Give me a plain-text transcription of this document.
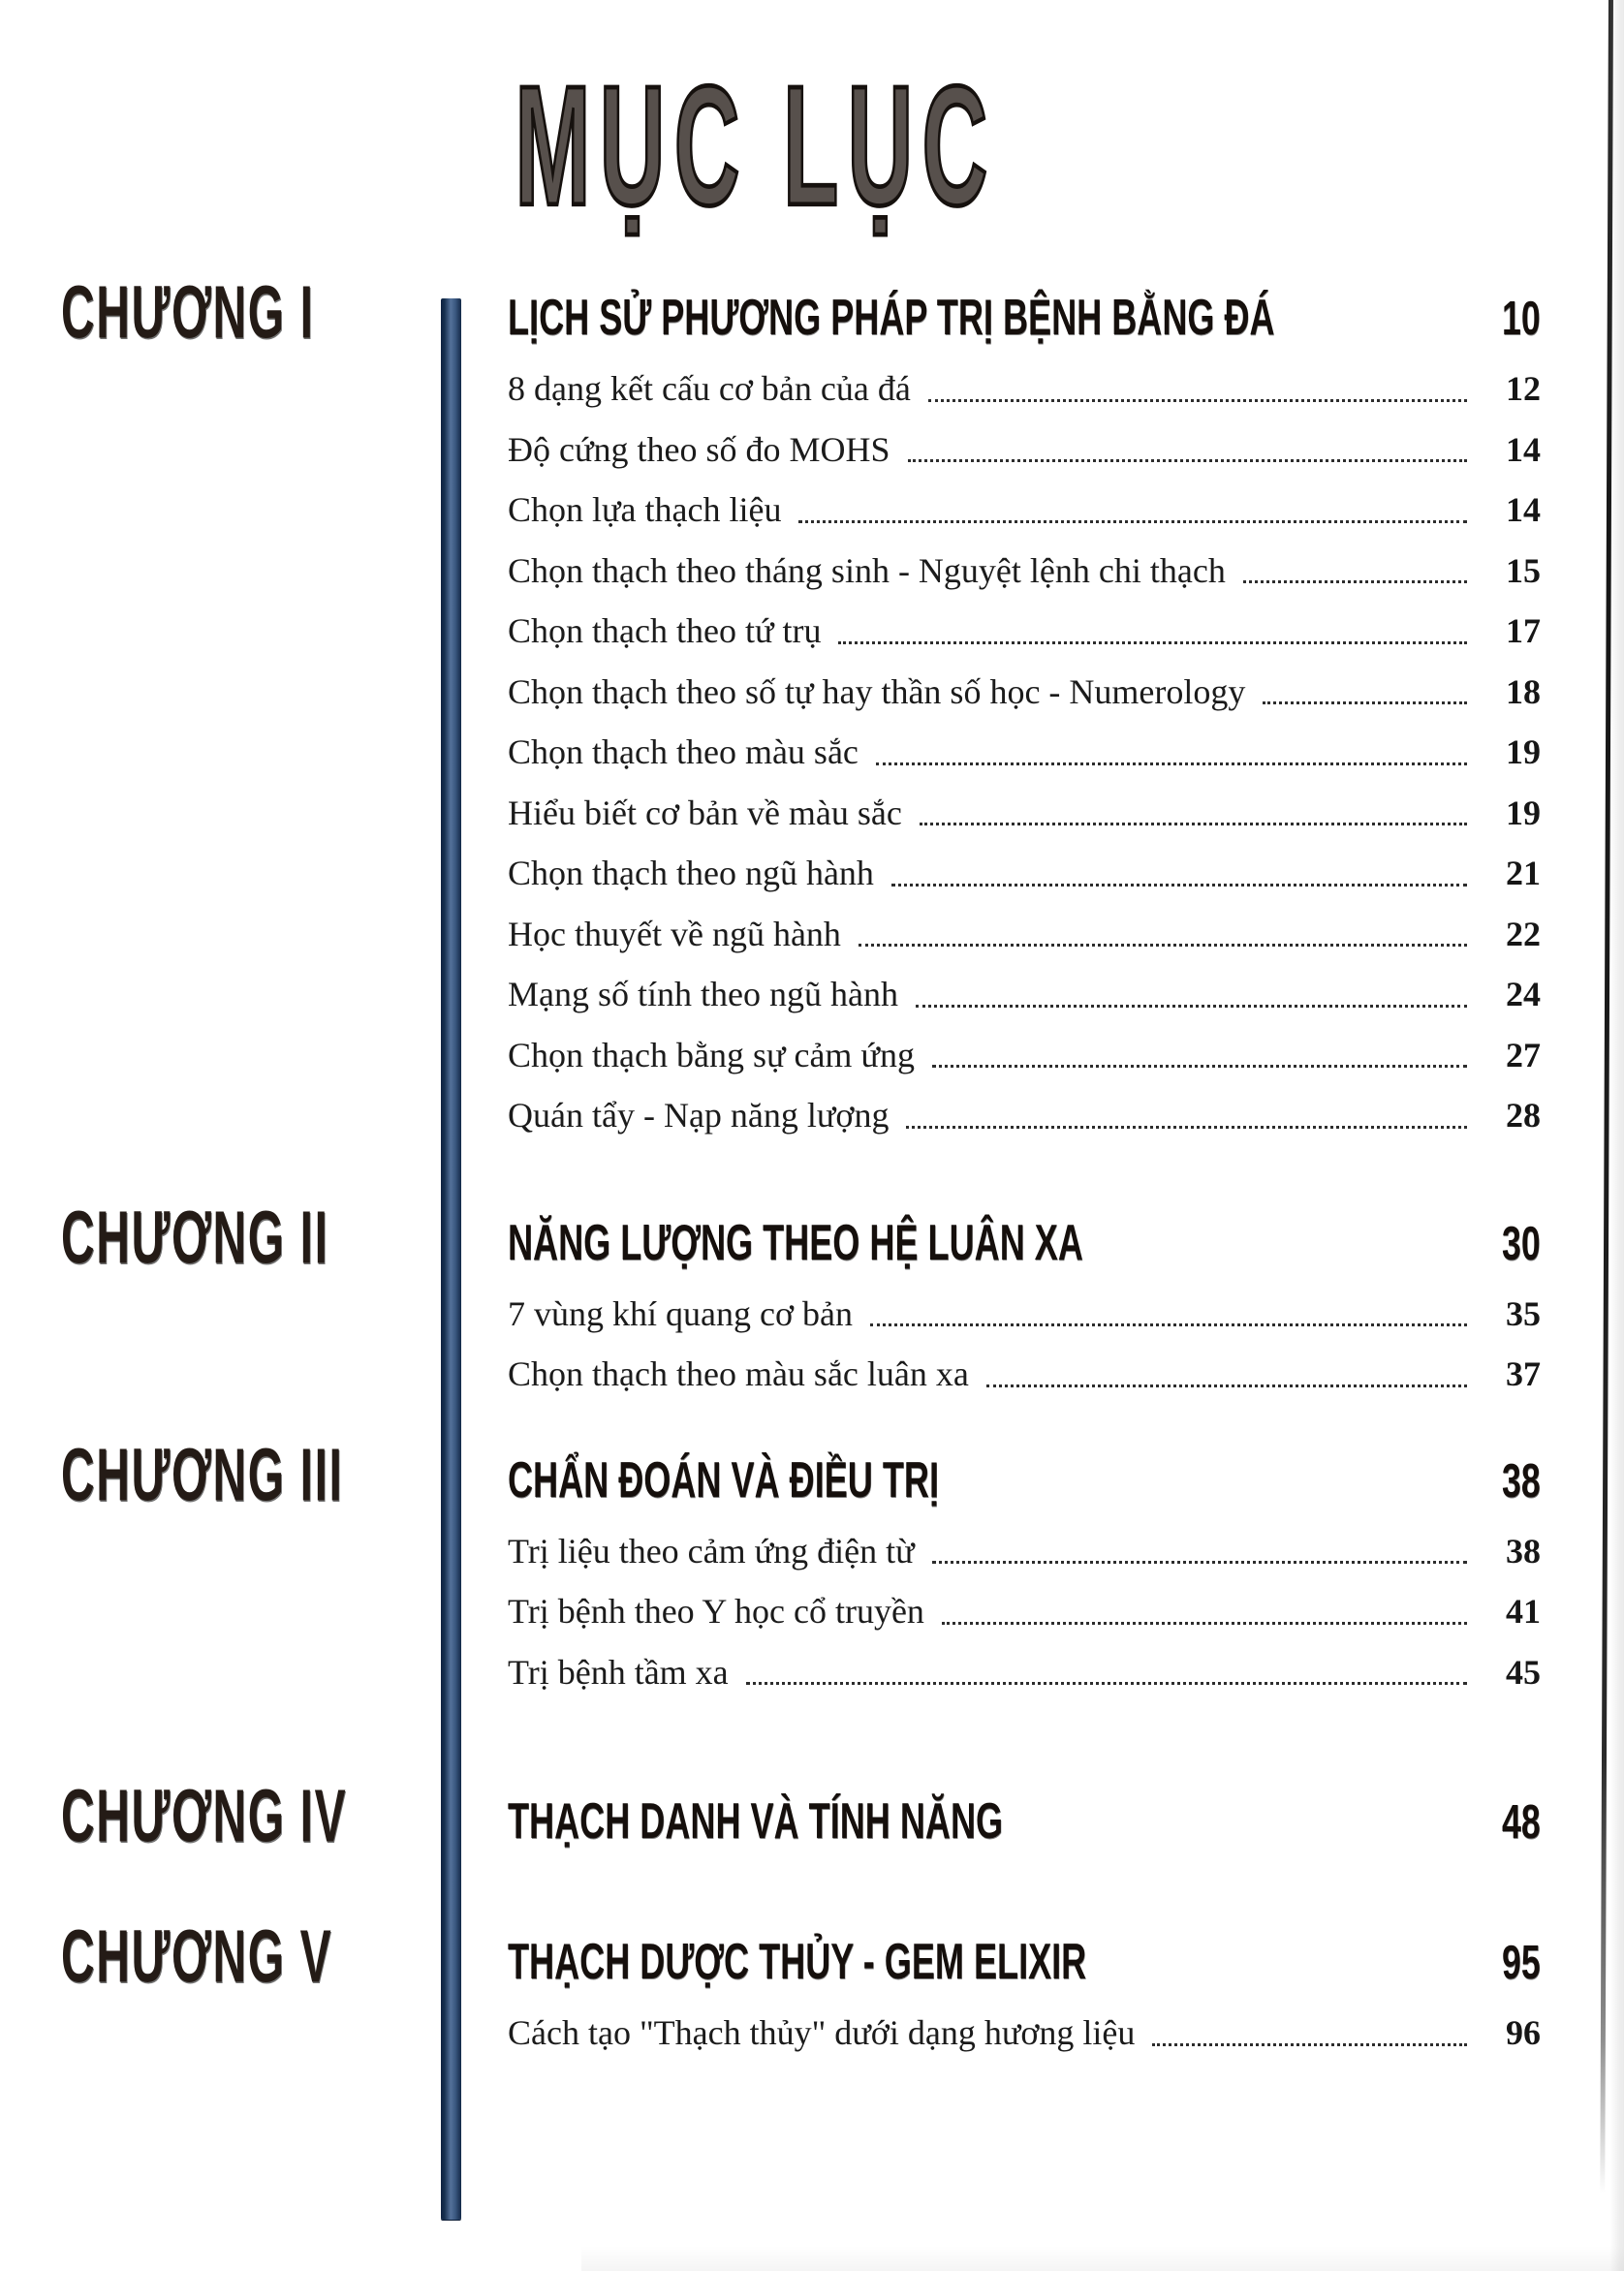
MỤC LỤC
CHƯƠNG I	LỊCH SỬ PHƯƠNG PHÁP TRỊ BỆNH BẰNG ĐÁ	10
8 dạng kết cấu cơ bản của đá	12
Độ cứng theo số đo MOHS	14
Chọn lựa thạch liệu	14
Chọn thạch theo tháng sinh - Nguyệt lệnh chi thạch	15
Chọn thạch theo tứ trụ	17
Chọn thạch theo số tự hay thần số học - Numerology	18
Chọn thạch theo màu sắc	19
Hiểu biết cơ bản về màu sắc	19
Chọn thạch theo ngũ hành	21
Học thuyết về ngũ hành	22
Mạng số tính theo ngũ hành	24
Chọn thạch bằng sự cảm ứng	27
Quán tẩy - Nạp năng lượng	28
CHƯƠNG II	NĂNG LƯỢNG THEO HỆ LUÂN XA	30
7 vùng khí quang cơ bản	35
Chọn thạch theo màu sắc luân xa	37
CHƯƠNG III	CHẨN ĐOÁN VÀ ĐIỀU TRỊ	38
Trị liệu theo cảm ứng điện từ	38
Trị bệnh theo Y học cổ truyền	41
Trị bệnh tầm xa	45
CHƯƠNG IV	THẠCH DANH VÀ TÍNH NĂNG	48
CHƯƠNG V	THẠCH DƯỢC THỦY - GEM ELIXIR	95
Cách tạo "Thạch thủy" dưới dạng hương liệu	96
